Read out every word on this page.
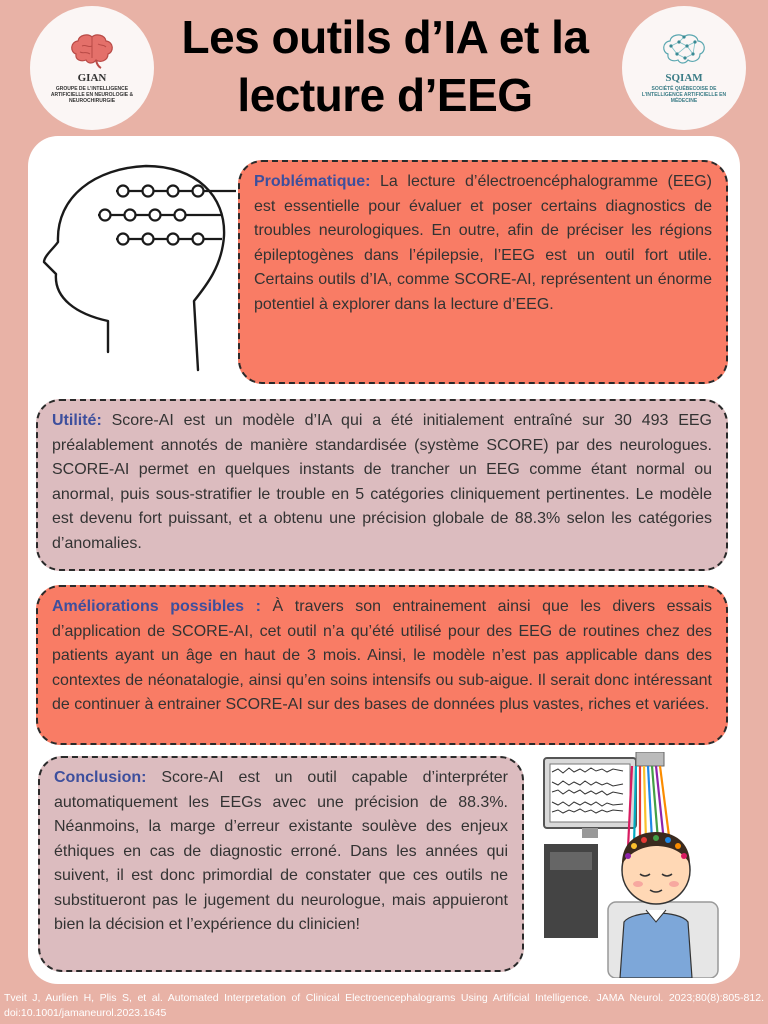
GIAN
GROUPE DE L’INTELLIGENCE ARTIFICIELLE EN NEUROLOGIE & NEUROCHIRURGIE
Les outils d’IA et la lecture d’EEG	SQIAM
SOCIÉTÉ QUÉBECOISE DE L’INTELLIGENCE ARTIFICIELLE EN MÉDECINE
Problématique: La lecture d’électroencéphalogramme (EEG) est essentielle pour évaluer et poser certains diagnostics de troubles neurologiques. En outre, afin de préciser les régions épileptogènes dans l’épilepsie, l’EEG est un outil fort utile. Certains outils d’IA, comme SCORE-AI, représentent un énorme potentiel à explorer dans la lecture d’EEG.
Utilité: Score-AI est un modèle d’IA qui a été initialement entraîné sur 30 493 EEG préalablement annotés de manière standardisée (système SCORE) par des neurologues. SCORE-AI permet en quelques instants de trancher un EEG comme étant normal ou anormal, puis sous-stratifier le trouble en 5 catégories cliniquement pertinentes. Le modèle est devenu fort puissant, et a obtenu une précision globale de 88.3% selon les catégories d’anomalies.
Améliorations possibles : À travers son entrainement ainsi que les divers essais d’application de SCORE-AI, cet outil n’a qu’été utilisé pour des EEG de routines chez des patients ayant un âge en haut de 3 mois. Ainsi, le modèle n’est pas applicable dans des contextes de néonatalogie, ainsi qu’en soins intensifs ou sub-aigue. Il serait donc intéressant de continuer à entrainer SCORE-AI sur des bases de données plus vastes, riches et variées.
Conclusion: Score-AI est un outil capable d’interpréter automatiquement les EEGs avec une précision de 88.3%. Néanmoins, la marge d’erreur existante soulève des enjeux éthiques en cas de diagnostic erroné. Dans les années qui suivent, il est donc primordial de constater que ces outils ne substitueront pas le jugement du neurologue, mais appuieront bien la décision et l’expérience du clinicien!

Tveit J, Aurlien H, Plis S, et al. Automated Interpretation of Clinical Electroencephalograms Using Artificial Intelligence. JAMA Neurol. 2023;80(8):805-812. doi:10.1001/jamaneurol.2023.1645
